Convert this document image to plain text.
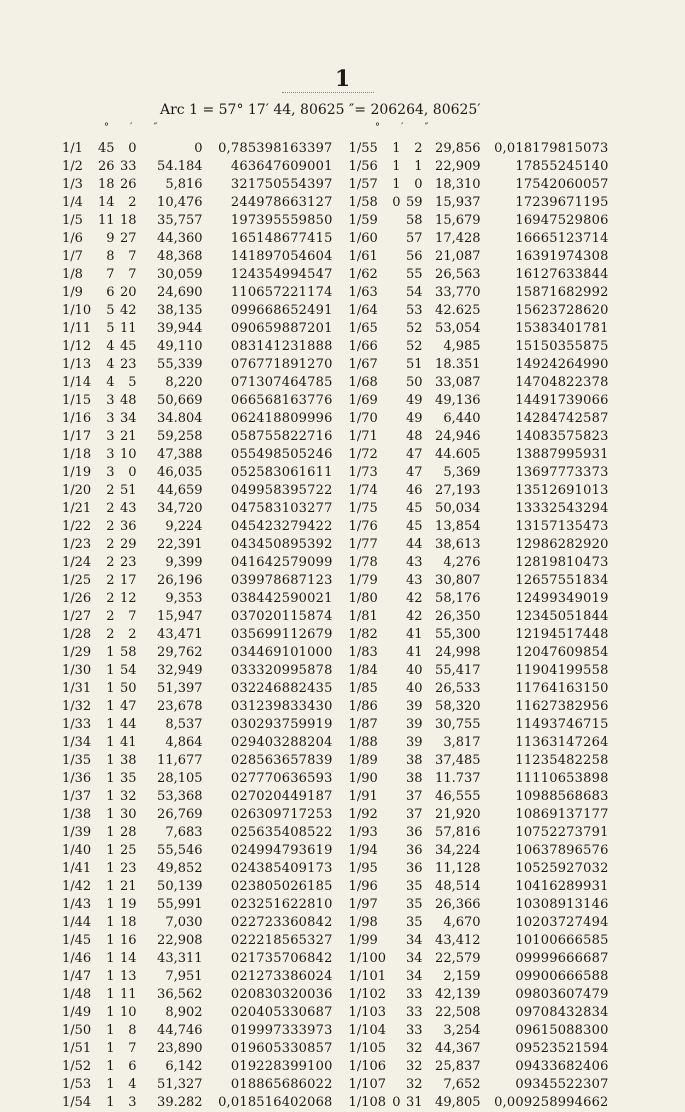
1
Arc 1 = 57° 17′ 44, 80625 ″= 206264, 80625′
° ′ ″	° ′ ″
1/1	45	0	0	0,785398163397	1/55	1	2	29,856	0,018179815073
1/2	26	33	54.184	463647609001	1/56	1	1	22,909	17855245140
1/3	18	26	5,816	321750554397	1/57	1	0	18,310	17542060057
1/4	14	2	10,476	244978663127	1/58	0	59	15,937	17239671195
1/5	11	18	35,757	197395559850	1/59		58	15,679	16947529806
1/6	9	27	44,360	165148677415	1/60		57	17,428	16665123714
1/7	8	7	48,368	141897054604	1/61		56	21,087	16391974308
1/8	7	7	30,059	124354994547	1/62		55	26,563	16127633844
1/9	6	20	24,690	110657221174	1/63		54	33,770	15871682992
1/10	5	42	38,135	099668652491	1/64		53	42.625	15623728620
1/11	5	11	39,944	090659887201	1/65		52	53,054	15383401781
1/12	4	45	49,110	083141231888	1/66		52	4,985	15150355875
1/13	4	23	55,339	076771891270	1/67		51	18.351	14924264990
1/14	4	5	8,220	071307464785	1/68		50	33,087	14704822378
1/15	3	48	50,669	066568163776	1/69		49	49,136	14491739066
1/16	3	34	34.804	062418809996	1/70		49	6,440	14284742587
1/17	3	21	59,258	058755822716	1/71		48	24,946	14083575823
1/18	3	10	47,388	055498505246	1/72		47	44.605	13887995931
1/19	3	0	46,035	052583061611	1/73		47	5,369	13697773373
1/20	2	51	44,659	049958395722	1/74		46	27,193	13512691013
1/21	2	43	34,720	047583103277	1/75		45	50,034	13332543294
1/22	2	36	9,224	045423279422	1/76		45	13,854	13157135473
1/23	2	29	22,391	043450895392	1/77		44	38,613	12986282920
1/24	2	23	9,399	041642579099	1/78		43	4,276	12819810473
1/25	2	17	26,196	039978687123	1/79		43	30,807	12657551834
1/26	2	12	9,353	038442590021	1/80		42	58,176	12499349019
1/27	2	7	15,947	037020115874	1/81		42	26,350	12345051844
1/28	2	2	43,471	035699112679	1/82		41	55,300	12194517448
1/29	1	58	29,762	034469101000	1/83		41	24,998	12047609854
1/30	1	54	32,949	033320995878	1/84		40	55,417	11904199558
1/31	1	50	51,397	032246882435	1/85		40	26,533	11764163150
1/32	1	47	23,678	031239833430	1/86		39	58,320	11627382956
1/33	1	44	8,537	030293759919	1/87		39	30,755	11493746715
1/34	1	41	4,864	029403288204	1/88		39	3,817	11363147264
1/35	1	38	11,677	028563657839	1/89		38	37,485	11235482258
1/36	1	35	28,105	027770636593	1/90		38	11.737	11110653898
1/37	1	32	53,368	027020449187	1/91		37	46,555	10988568683
1/38	1	30	26,769	026309717253	1/92		37	21,920	10869137177
1/39	1	28	7,683	025635408522	1/93		36	57,816	10752273791
1/40	1	25	55,546	024994793619	1/94		36	34,224	10637896576
1/41	1	23	49,852	024385409173	1/95		36	11,128	10525927032
1/42	1	21	50,139	023805026185	1/96		35	48,514	10416289931
1/43	1	19	55,991	023251622810	1/97		35	26,366	10308913146
1/44	1	18	7,030	022723360842	1/98		35	4,670	10203727494
1/45	1	16	22,908	022218565327	1/99		34	43,412	10100666585
1/46	1	14	43,311	021735706842	1/100		34	22,579	09999666687
1/47	1	13	7,951	021273386024	1/101		34	2,159	09900666588
1/48	1	11	36,562	020830320036	1/102		33	42,139	09803607479
1/49	1	10	8,902	020405330687	1/103		33	22,508	09708432834
1/50	1	8	44,746	019997333973	1/104		33	3,254	09615088300
1/51	1	7	23,890	019605330857	1/105		32	44,367	09523521594
1/52	1	6	6,142	019228399100	1/106		32	25,837	09433682406
1/53	1	4	51,327	018865686022	1/107		32	7,652	09345522307
1/54	1	3	39.282	0,018516402068	1/108	0	31	49,805	0,009258994662
